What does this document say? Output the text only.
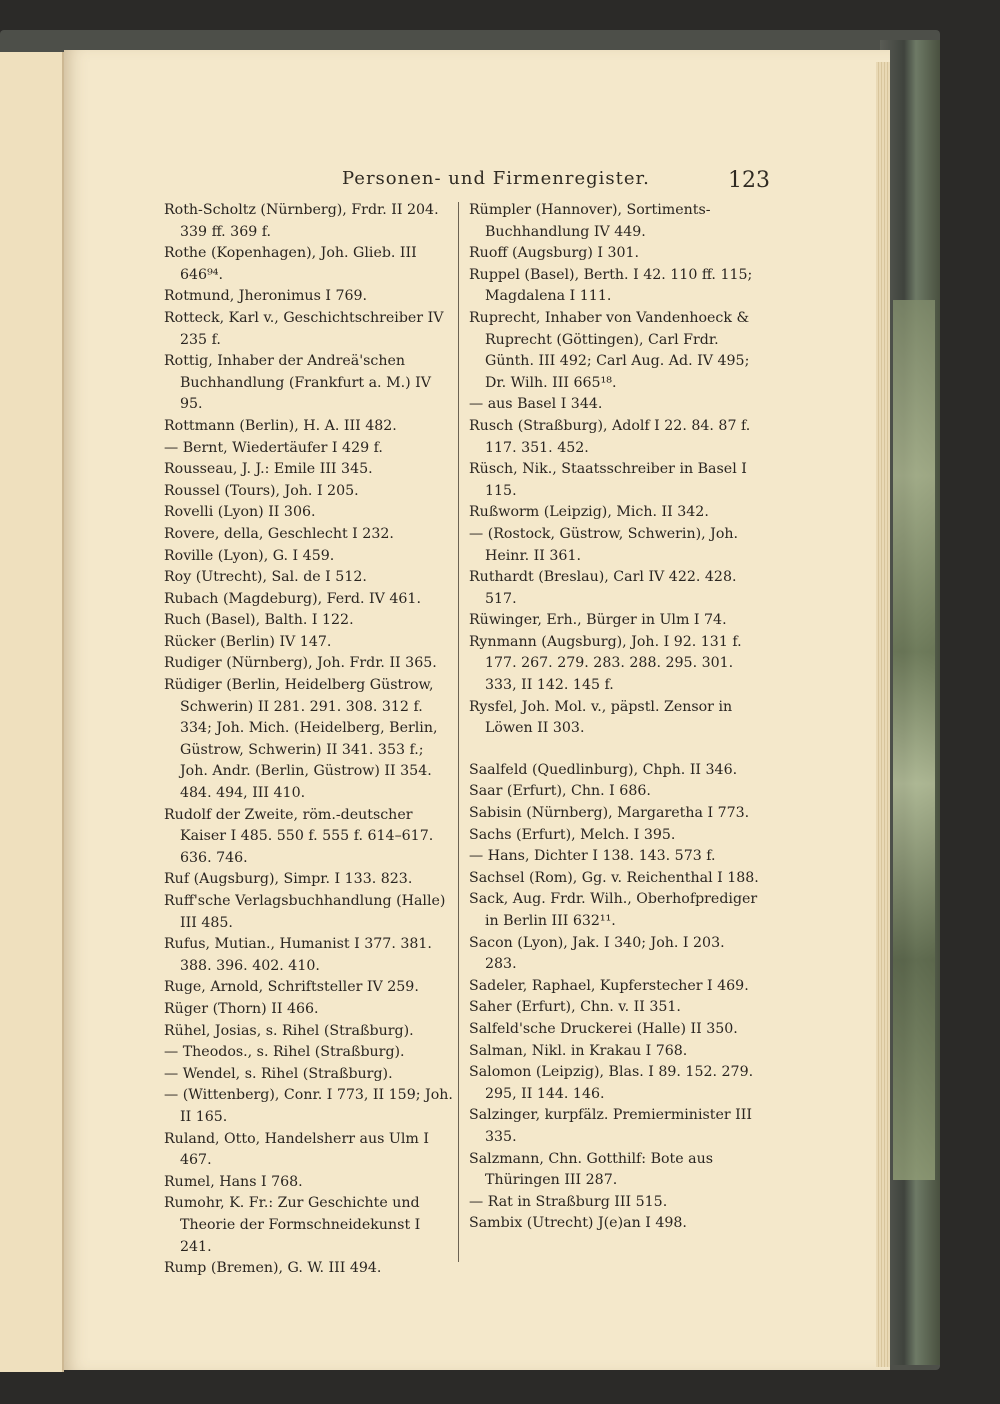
Personen- und Firmenregister.	123
Roth-Scholtz (Nürnberg), Frdr. II 204. 339 ff. 369 f.
Rothe (Kopenhagen), Joh. Glieb. III 646⁹⁴.
Rotmund, Jheronimus I 769.
Rotteck, Karl v., Geschichtschreiber IV 235 f.
Rottig, Inhaber der Andreä'schen Buchhandlung (Frankfurt a. M.) IV 95.
Rottmann (Berlin), H. A. III 482.
— Bernt, Wiedertäufer I 429 f.
Rousseau, J. J.: Emile III 345.
Roussel (Tours), Joh. I 205.
Rovelli (Lyon) II 306.
Rovere, della, Geschlecht I 232.
Roville (Lyon), G. I 459.
Roy (Utrecht), Sal. de I 512.
Rubach (Magdeburg), Ferd. IV 461.
Ruch (Basel), Balth. I 122.
Rücker (Berlin) IV 147.
Rudiger (Nürnberg), Joh. Frdr. II 365.
Rüdiger (Berlin, Heidelberg Güstrow, Schwerin) II 281. 291. 308. 312 f. 334; Joh. Mich. (Heidelberg, Berlin, Güstrow, Schwerin) II 341. 353 f.; Joh. Andr. (Berlin, Güstrow) II 354. 484. 494, III 410.
Rudolf der Zweite, röm.-deutscher Kaiser I 485. 550 f. 555 f. 614–617. 636. 746.
Ruf (Augsburg), Simpr. I 133. 823.
Ruff'sche Verlagsbuchhandlung (Halle) III 485.
Rufus, Mutian., Humanist I 377. 381. 388. 396. 402. 410.
Ruge, Arnold, Schriftsteller IV 259.
Rüger (Thorn) II 466.
Rühel, Josias, s. Rihel (Straßburg).
— Theodos., s. Rihel (Straßburg).
— Wendel, s. Rihel (Straßburg).
— (Wittenberg), Conr. I 773, II 159; Joh. II 165.
Ruland, Otto, Handelsherr aus Ulm I 467.
Rumel, Hans I 768.
Rumohr, K. Fr.: Zur Geschichte und Theorie der Formschneidekunst I 241.
Rump (Bremen), G. W. III 494.
Rümpler (Hannover), Sortiments-Buchhandlung IV 449.
Ruoff (Augsburg) I 301.
Ruppel (Basel), Berth. I 42. 110 ff. 115; Magdalena I 111.
Ruprecht, Inhaber von Vandenhoeck & Ruprecht (Göttingen), Carl Frdr. Günth. III 492; Carl Aug. Ad. IV 495; Dr. Wilh. III 665¹⁸.
— aus Basel I 344.
Rusch (Straßburg), Adolf I 22. 84. 87 f. 117. 351. 452.
Rüsch, Nik., Staatsschreiber in Basel I 115.
Rußworm (Leipzig), Mich. II 342.
— (Rostock, Güstrow, Schwerin), Joh. Heinr. II 361.
Ruthardt (Breslau), Carl IV 422. 428. 517.
Rüwinger, Erh., Bürger in Ulm I 74.
Rynmann (Augsburg), Joh. I 92. 131 f. 177. 267. 279. 283. 288. 295. 301. 333, II 142. 145 f.
Rysfel, Joh. Mol. v., päpstl. Zensor in Löwen II 303.
Saalfeld (Quedlinburg), Chph. II 346.
Saar (Erfurt), Chn. I 686.
Sabisin (Nürnberg), Margaretha I 773.
Sachs (Erfurt), Melch. I 395.
— Hans, Dichter I 138. 143. 573 f.
Sachsel (Rom), Gg. v. Reichenthal I 188.
Sack, Aug. Frdr. Wilh., Oberhofprediger in Berlin III 632¹¹.
Sacon (Lyon), Jak. I 340; Joh. I 203. 283.
Sadeler, Raphael, Kupferstecher I 469.
Saher (Erfurt), Chn. v. II 351.
Salfeld'sche Druckerei (Halle) II 350.
Salman, Nikl. in Krakau I 768.
Salomon (Leipzig), Blas. I 89. 152. 279. 295, II 144. 146.
Salzinger, kurpfälz. Premierminister III 335.
Salzmann, Chn. Gotthilf: Bote aus Thüringen III 287.
— Rat in Straßburg III 515.
Sambix (Utrecht) J(e)an I 498.
